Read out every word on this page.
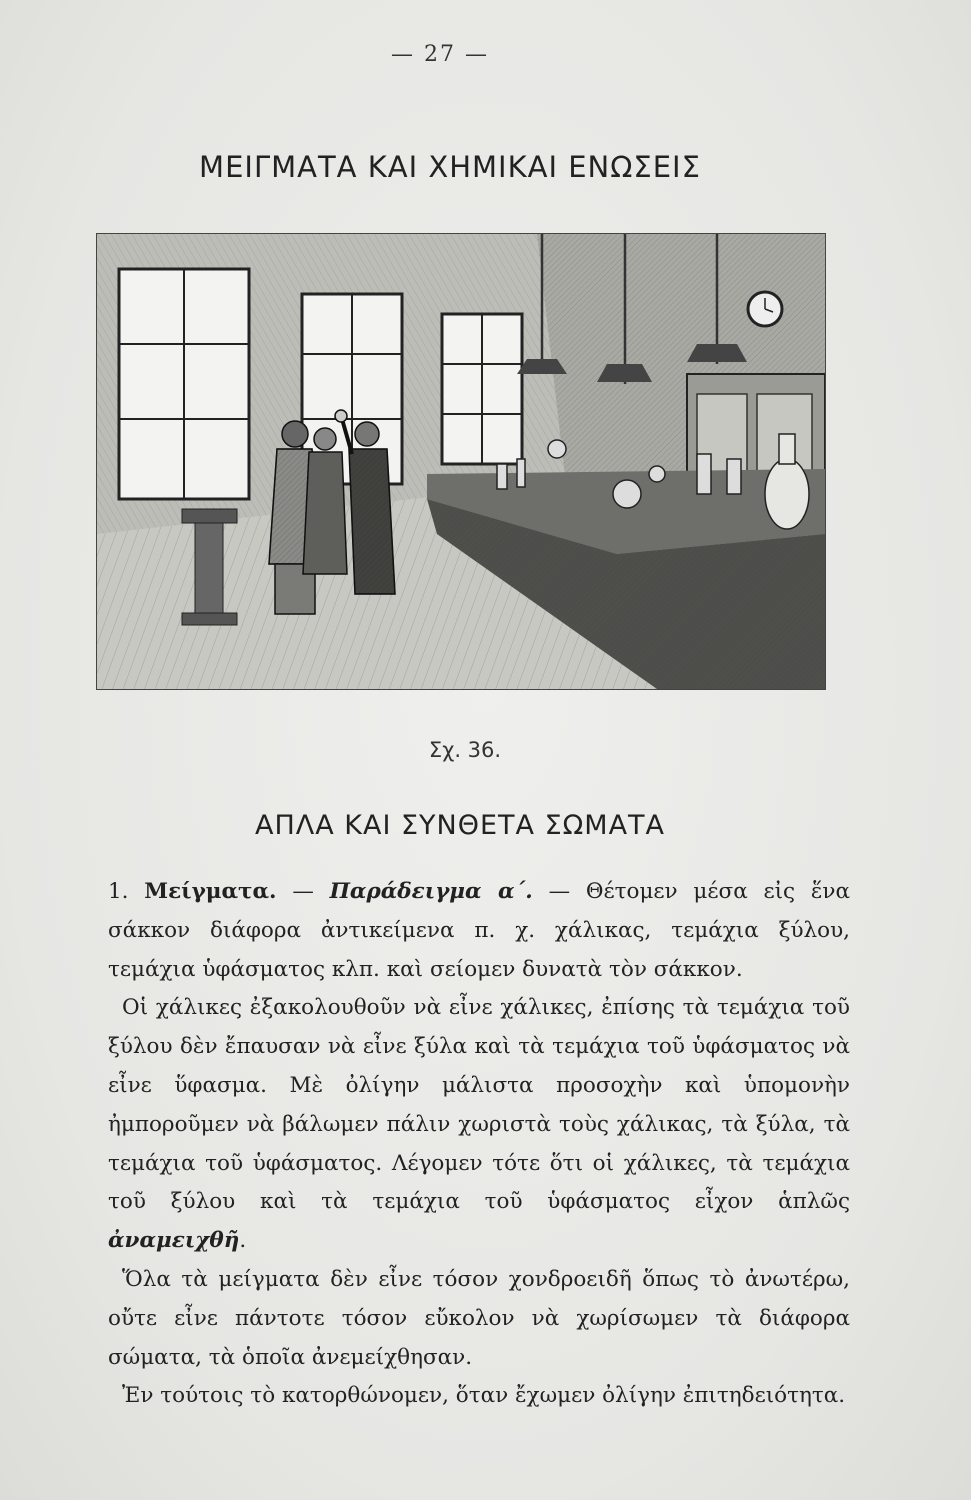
— 27 —
ΜΕΙΓΜΑΤΑ ΚΑΙ ΧΗΜΙΚΑΙ ΕΝΩΣΕΙΣ
Σχ. 36.
ΑΠΛΑ ΚΑΙ ΣΥΝΘΕΤΑ ΣΩΜΑΤΑ

1. Μείγματα. — Παράδειγμα α΄. — Θέτομεν μέσα εἰς ἕνα σάκκον διάφορα ἀντικείμενα π. χ. χάλικας, τεμάχια ξύλου, τεμάχια ὑφάσματος κλπ. καὶ σείομεν δυνατὰ τὸν σάκκον.

Οἱ χάλικες ἐξακολουθοῦν νὰ εἶνε χάλικες, ἐπίσης τὰ τεμάχια τοῦ ξύλου δὲν ἔπαυσαν νὰ εἶνε ξύλα καὶ τὰ τεμάχια τοῦ ὑφάσματος νὰ εἶνε ὕφασμα. Μὲ ὀλίγην μάλιστα προσοχὴν καὶ ὑπομονὴν ἠμποροῦμεν νὰ βάλωμεν πάλιν χωριστὰ τοὺς χάλικας, τὰ ξύλα, τὰ τεμάχια τοῦ ὑφάσματος. Λέγομεν τότε ὅτι οἱ χάλικες, τὰ τεμάχια τοῦ ξύλου καὶ τὰ τεμάχια τοῦ ὑφάσματος εἶχον ἁπλῶς ἀναμειχθῆ.

Ὅλα τὰ μείγματα δὲν εἶνε τόσον χονδροειδῆ ὅπως τὸ ἀνωτέρω, οὔτε εἶνε πάντοτε τόσον εὔκολον νὰ χωρίσωμεν τὰ διάφορα σώματα, τὰ ὁποῖα ἀνεμείχθησαν.

Ἐν τούτοις τὸ κατορθώνομεν, ὅταν ἔχωμεν ὀλίγην ἐπιτηδειότητα.
